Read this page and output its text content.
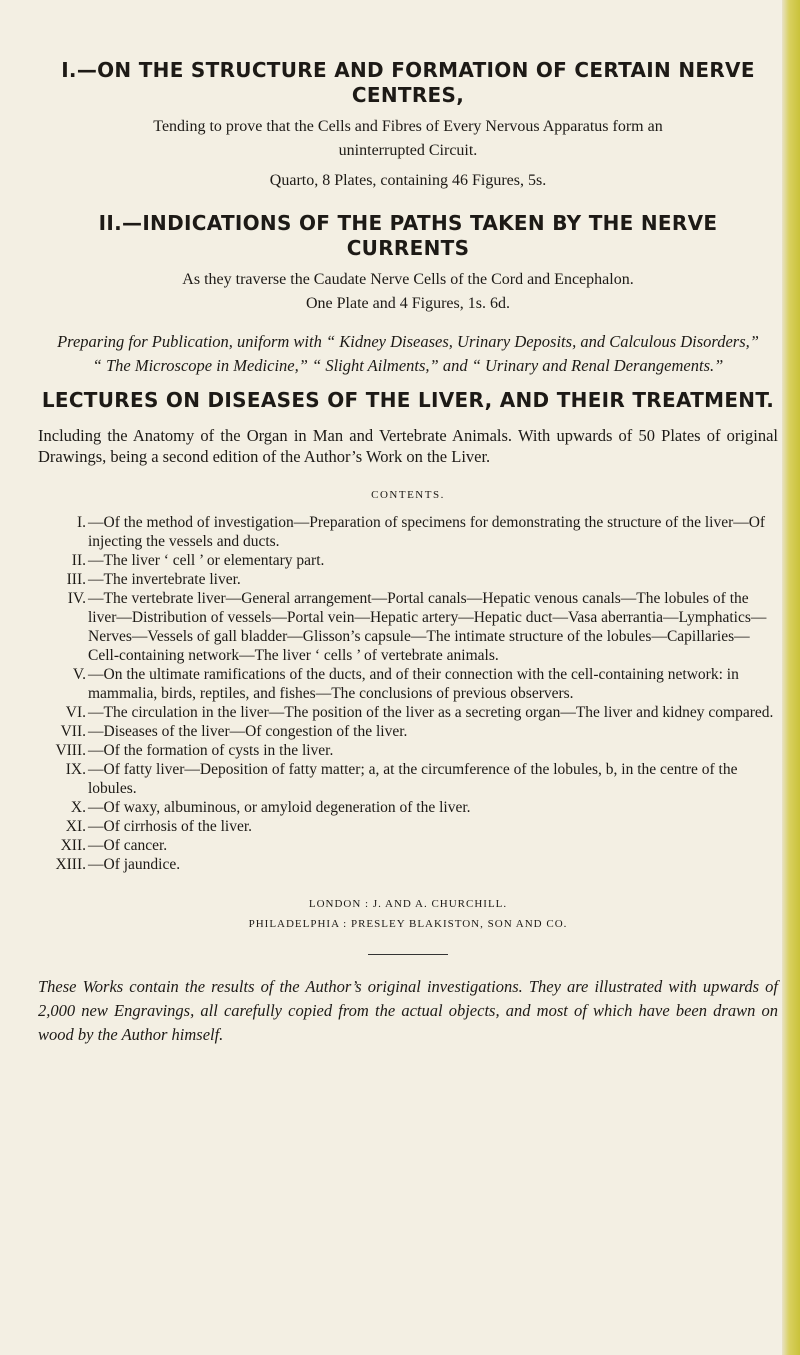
I.—ON THE STRUCTURE AND FORMATION OF CERTAIN NERVE CENTRES,

Tending to prove that the Cells and Fibres of Every Nervous Apparatus form an

uninterrupted Circuit.

Quarto, 8 Plates, containing 46 Figures, 5s.

II.—INDICATIONS OF THE PATHS TAKEN BY THE NERVE CURRENTS

As they traverse the Caudate Nerve Cells of the Cord and Encephalon.

One Plate and 4 Figures, 1s. 6d.

Preparing for Publication, uniform with “ Kidney Diseases, Urinary Deposits, and Calculous Disorders,” “ The Microscope in Medicine,” “ Slight Ailments,” and “ Urinary and Renal Derangements.”

LECTURES ON DISEASES OF THE LIVER, AND THEIR TREATMENT.

Including the Anatomy of the Organ in Man and Vertebrate Animals. With upwards of 50 Plates of original Drawings, being a second edition of the Author’s Work on the Liver.

CONTENTS.

I. —Of the method of investigation—Preparation of specimens for demonstrating the structure of the liver—Of injecting the vessels and ducts.

II. —The liver ‘ cell ’ or elementary part.

III. —The invertebrate liver.

IV. —The vertebrate liver—General arrangement—Portal canals—Hepatic venous canals—The lobules of the liver—Distribution of vessels—Portal vein—Hepatic artery—Hepatic duct—Vasa aberrantia—Lymphatics—Nerves—Vessels of gall bladder—Glisson’s capsule—The intimate structure of the lobules—Capillaries—Cell-containing network—The liver ‘ cells ’ of vertebrate animals.

V. —On the ultimate ramifications of the ducts, and of their connection with the cell-containing network: in mammalia, birds, reptiles, and fishes—The conclusions of previous observers.

VI. —The circulation in the liver—The position of the liver as a secreting organ—The liver and kidney compared.

VII. —Diseases of the liver—Of congestion of the liver.

VIII. —Of the formation of cysts in the liver.

IX. —Of fatty liver—Deposition of fatty matter; a, at the circumference of the lobules, b, in the centre of the lobules.

X. —Of waxy, albuminous, or amyloid degeneration of the liver.

XI. —Of cirrhosis of the liver.

XII. —Of cancer.

XIII. —Of jaundice.

LONDON : J. AND A. CHURCHILL.

PHILADELPHIA : PRESLEY BLAKISTON, SON AND CO.

These Works contain the results of the Author’s original investigations. They are illustrated with upwards of 2,000 new Engravings, all carefully copied from the actual objects, and most of which have been drawn on wood by the Author himself.
